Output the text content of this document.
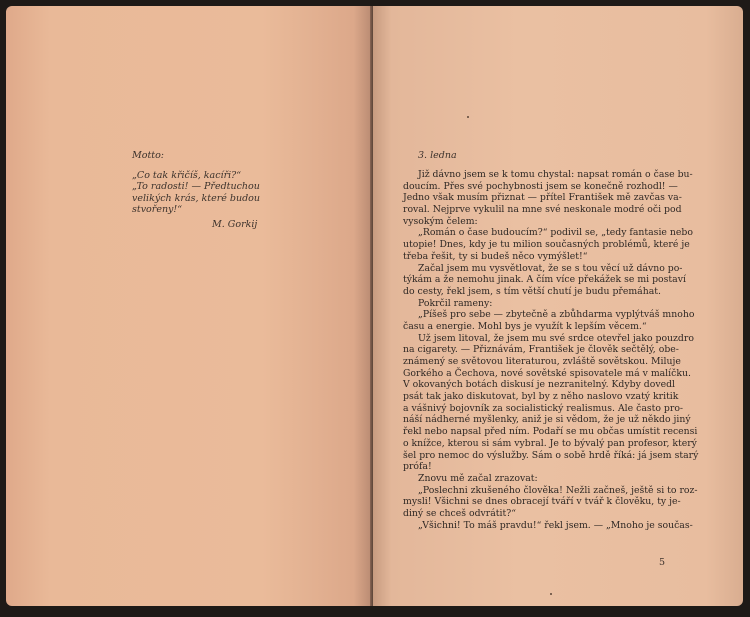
Motto:
„Co tak křičíš, kacíři?“
„To radosti! — Předtuchou
velikých krás, které budou
stvořeny!“
M. Gorkij
3. ledna
Již dávno jsem se k tomu chystal: napsat román o čase bu-
doucím. Přes své pochybnosti jsem se konečně rozhodl! —
Jedno však musím přiznat — přítel František mě zavčas va-
roval. Nejprve vykulil na mne své neskonale modré oči pod
vysokým čelem:
„Román o čase budoucím?“ podivil se, „tedy fantasie nebo
utopie! Dnes, kdy je tu milion současných problémů, které je
třeba řešit, ty si budeš něco vymýšlet!“
Začal jsem mu vysvětlovat, že se s tou věcí už dávno po-
týkám a že nemohu jinak. A čím více překážek se mi postaví
do cesty, řekl jsem, s tím větší chutí je budu přemáhat.
Pokrčil rameny:
„Píšeš pro sebe — zbytečně a zbůhdarma vyplýtváš mnoho
času a energie. Mohl bys je využít k lepším věcem.“
Už jsem litoval, že jsem mu své srdce otevřel jako pouzdro
na cigarety. — Přiznávám, František je člověk sečtělý, obe-
známený se světovou literaturou, zvláště sovětskou. Miluje
Gorkého a Čechova, nové sovětské spisovatele má v malíčku.
V okovaných botách diskusí je nezranitelný. Kdyby dovedl
psát tak jako diskutovat, byl by z něho naslovo vzatý kritik
a vášnivý bojovník za socialistický realismus. Ale často pro-
náší nádherné myšlenky, aniž je si vědom, že je už někdo jiný
řekl nebo napsal před ním. Podaří se mu občas umístit recensi
o knížce, kterou si sám vybral. Je to bývalý pan profesor, který
šel pro nemoc do výslužby. Sám o sobě hrdě říká: já jsem starý
prófa!
Znovu mě začal zrazovat:
„Poslechni zkušeného člověka! Nežli začneš, ještě si to roz-
mysli! Všichni se dnes obracejí tváří v tvář k člověku, ty je-
diný se chceš odvrátit?“
„Všichni! To máš pravdu!“ řekl jsem. — „Mnoho je součas-
5
